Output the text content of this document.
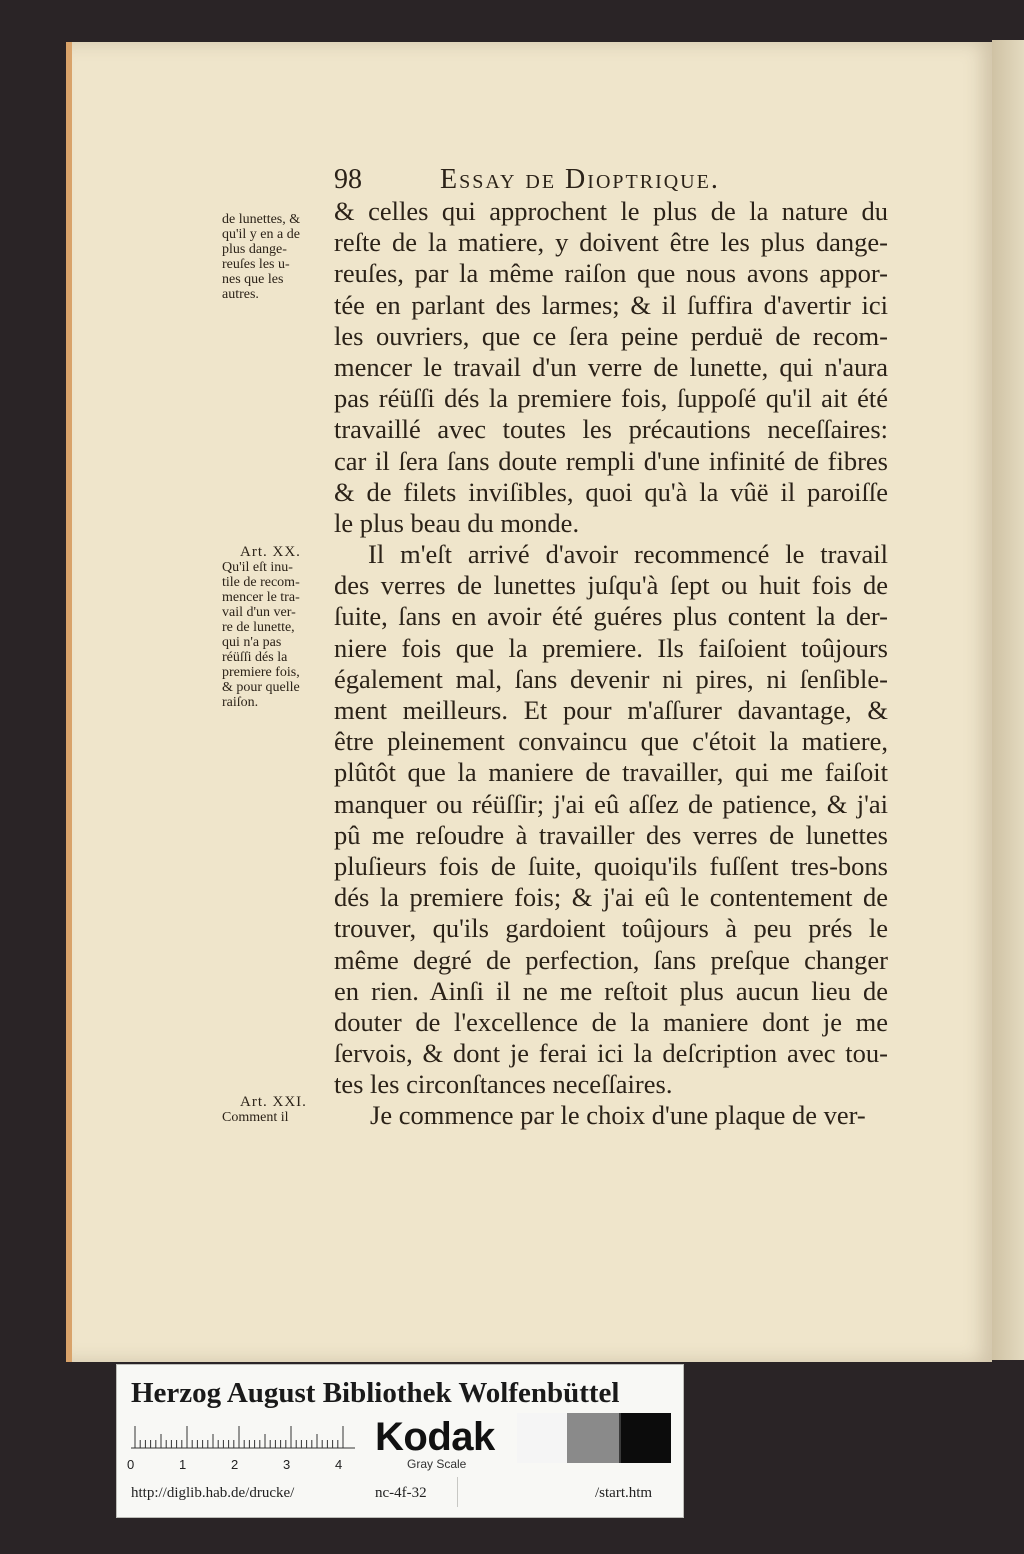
98	Essay de Dioptrique.
de lunettes, &
qu'il y en a de
plus dange-
reuſes les u-
nes que les
autres.
Art. XX.
Qu'il eſt inu-
tile de recom-
mencer le tra-
vail d'un ver-
re de lunette,
qui n'a pas
réüſſi dés la
premiere fois,
& pour quelle
raiſon.
Art. XXI.
Comment il
& celles qui approchent le plus de la nature du
reſte de la matiere, y doivent être les plus dange-
reuſes, par la même raiſon que nous avons appor-
tée en parlant des larmes; & il ſuffira d'avertir ici
les ouvriers, que ce ſera peine perduë de recom-
mencer le travail d'un verre de lunette, qui n'aura
pas réüſſi dés la premiere fois, ſuppoſé qu'il ait été
travaillé avec toutes les précautions neceſſaires:
car il ſera ſans doute rempli d'une infinité de fibres
& de filets inviſibles, quoi qu'à la vûë il paroiſſe
le plus beau du monde.
Il m'eſt arrivé d'avoir recommencé le travail
des verres de lunettes juſqu'à ſept ou huit fois de
ſuite, ſans en avoir été guéres plus content la der-
niere fois que la premiere. Ils faiſoient toûjours
également mal, ſans devenir ni pires, ni ſenſible-
ment meilleurs. Et pour m'aſſurer davantage, &
être pleinement convaincu que c'étoit la matiere,
plûtôt que la maniere de travailler, qui me faiſoit
manquer ou réüſſir; j'ai eû aſſez de patience, & j'ai
pû me reſoudre à travailler des verres de lunettes
pluſieurs fois de ſuite, quoiqu'ils fuſſent tres-bons
dés la premiere fois; & j'ai eû le contentement de
trouver, qu'ils gardoient toûjours à peu prés le
même degré de perfection, ſans preſque changer
en rien. Ainſi il ne me reſtoit plus aucun lieu de
douter de l'excellence de la maniere dont je me
ſervois, & dont je ferai ici la deſcription avec tou-
tes les circonſtances neceſſaires.
Je commence par le choix d'une plaque de ver-
Herzog August Bibliothek Wolfenbüttel
0	1	2	3	4
Kodak
Gray Scale
http://diglib.hab.de/drucke/	nc-4f-32	/start.htm
